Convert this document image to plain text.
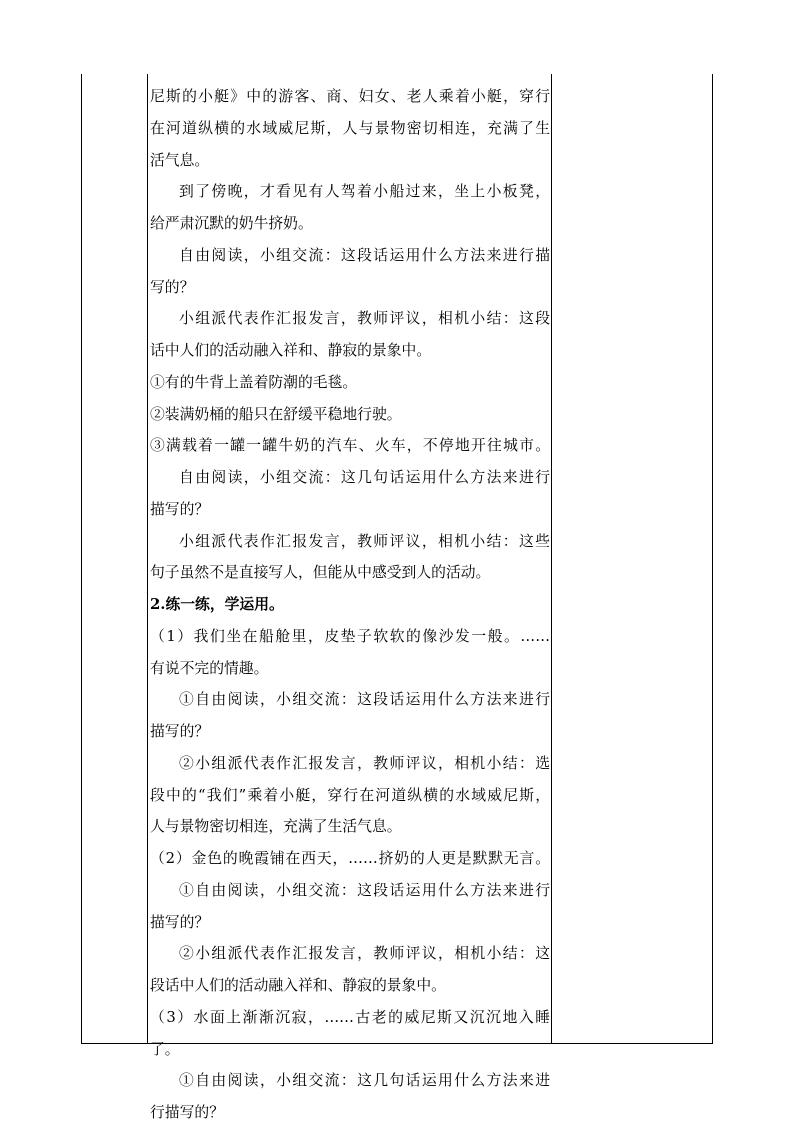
尼斯的小艇》中的游客、商、妇女、老人乘着小艇，穿行
在河道纵横的水域威尼斯，人与景物密切相连，充满了生
活气息。
到了傍晚，才看见有人驾着小船过来，坐上小板凳，
给严肃沉默的奶牛挤奶。
自由阅读，小组交流：这段话运用什么方法来进行描
写的？
小组派代表作汇报发言，教师评议，相机小结：这段
话中人们的活动融入祥和、静寂的景象中。
①有的牛背上盖着防潮的毛毯。
②装满奶桶的船只在舒缓平稳地行驶。
③满载着一罐一罐牛奶的汽车、火车，不停地开往城市。
自由阅读，小组交流：这几句话运用什么方法来进行
描写的？
小组派代表作汇报发言，教师评议，相机小结：这些
句子虽然不是直接写人，但能从中感受到人的活动。
2.练一练，学运用。
（1）我们坐在船舱里，皮垫子软软的像沙发一般。……
有说不完的情趣。
①自由阅读，小组交流：这段话运用什么方法来进行
描写的？
②小组派代表作汇报发言，教师评议，相机小结：选
段中的“我们”乘着小艇，穿行在河道纵横的水域威尼斯，
人与景物密切相连，充满了生活气息。
（2）金色的晚霞铺在西天，……挤奶的人更是默默无言。
①自由阅读，小组交流：这段话运用什么方法来进行
描写的？
②小组派代表作汇报发言，教师评议，相机小结：这
段话中人们的活动融入祥和、静寂的景象中。
（3）水面上渐渐沉寂，……古老的威尼斯又沉沉地入睡
了。
①自由阅读，小组交流：这几句话运用什么方法来进
行描写的？
